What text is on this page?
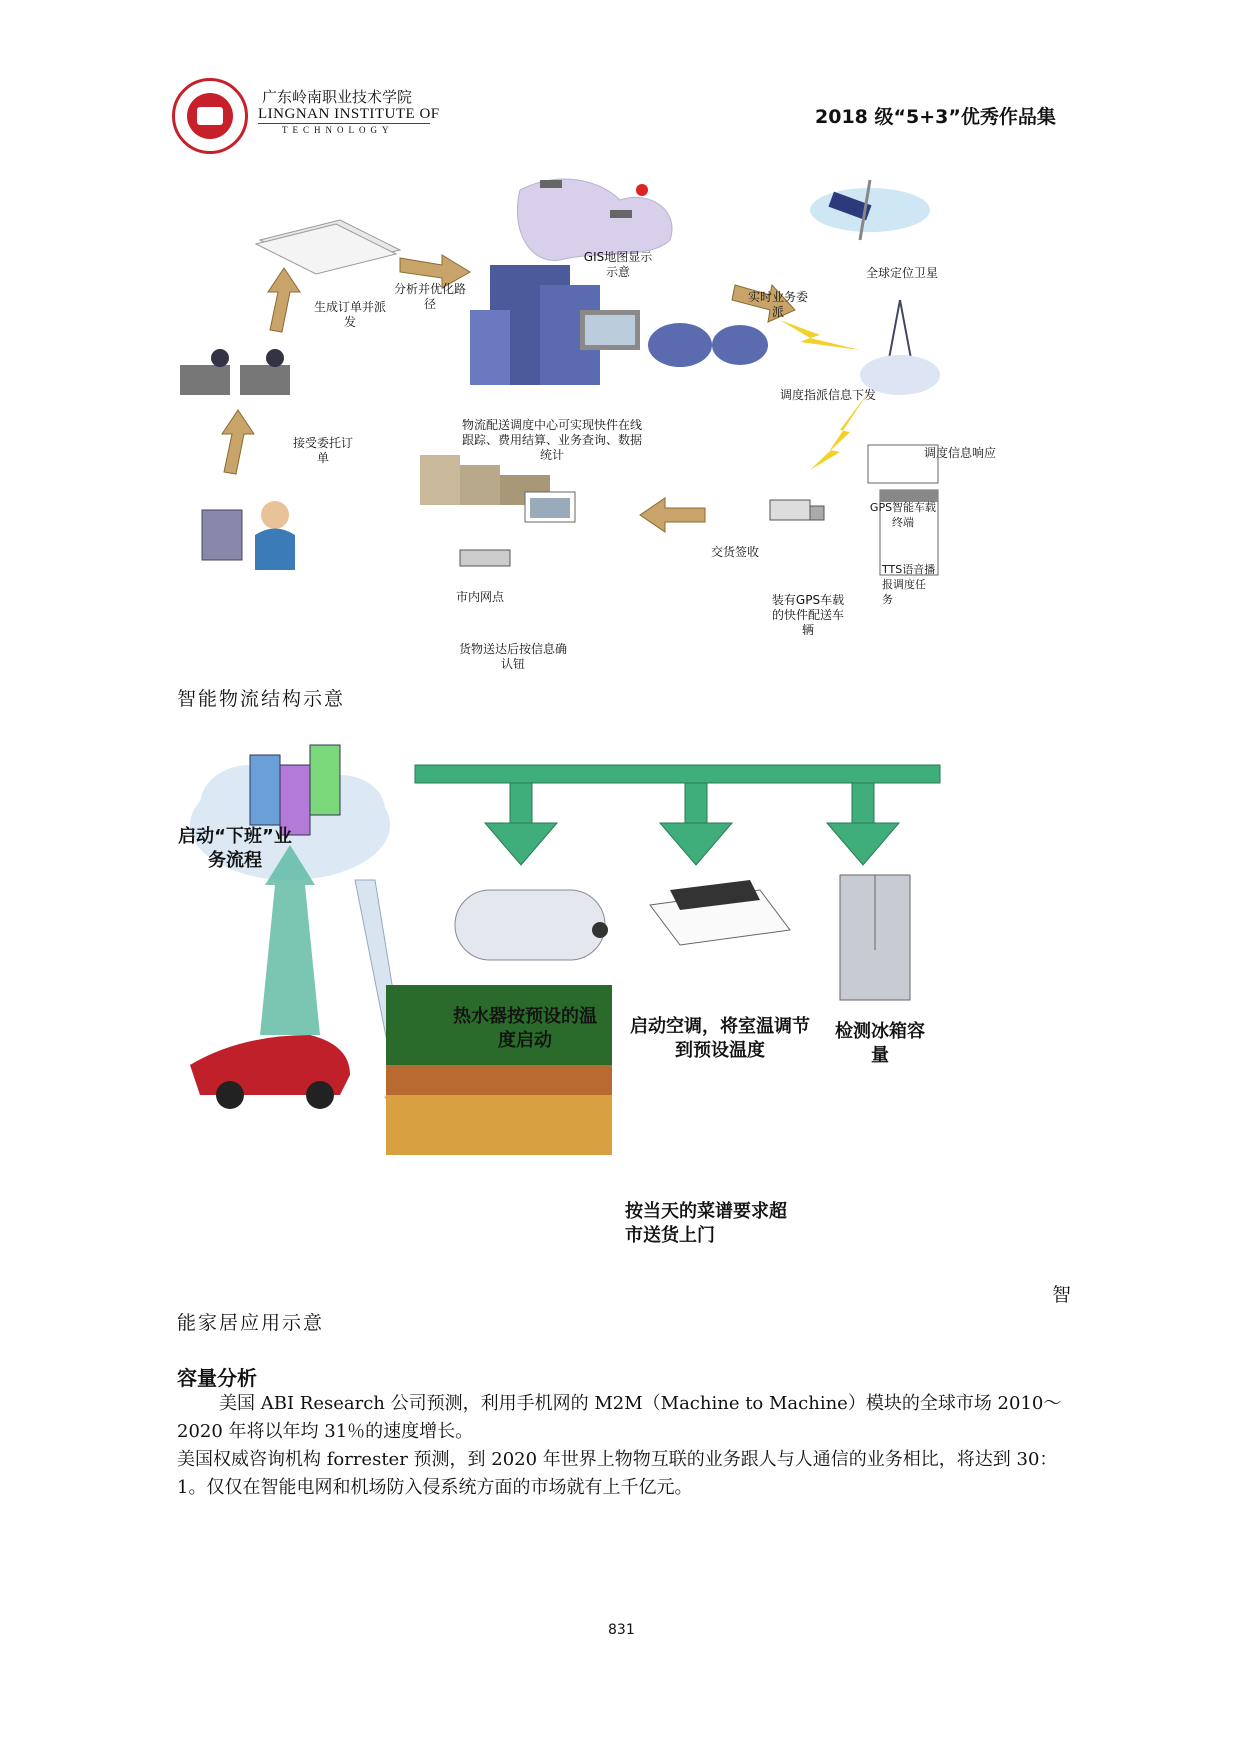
广东岭南职业技术学院
LINGNAN INSTITUTE OF
TECHNOLOGY
2018 级“5+3”优秀作品集
GIS地图显示示意
分析并优化路径
生成订单并派发
接受委托订单
物流配送调度中心可实现快件在线跟踪、费用结算、业务查询、数据统计
全球定位卫星
实时业务委派
调度指派信息下发
调度信息响应
GPS智能车载终端
TTS语音播报调度任务
交货签收
市内网点	装有GPS车载的快件配送车辆
货物送达后按信息确认钮
智能物流结构示意
启动“下班”业务流程
热水器按预设的温度启动
启动空调，将室温调节到预设温度
检测冰箱容量
按当天的菜谱要求超市送货上门
智
能家居应用示意
容量分析
美国 ABI Research 公司预测，利用手机网的 M2M（Machine to Machine）模块的全球市场 2010～2020 年将以年均 31％的速度增长。
美国权威咨询机构 forrester 预测，到 2020 年世界上物物互联的业务跟人与人通信的业务相比，将达到 30：1。仅仅在智能电网和机场防入侵系统方面的市场就有上千亿元。
831
